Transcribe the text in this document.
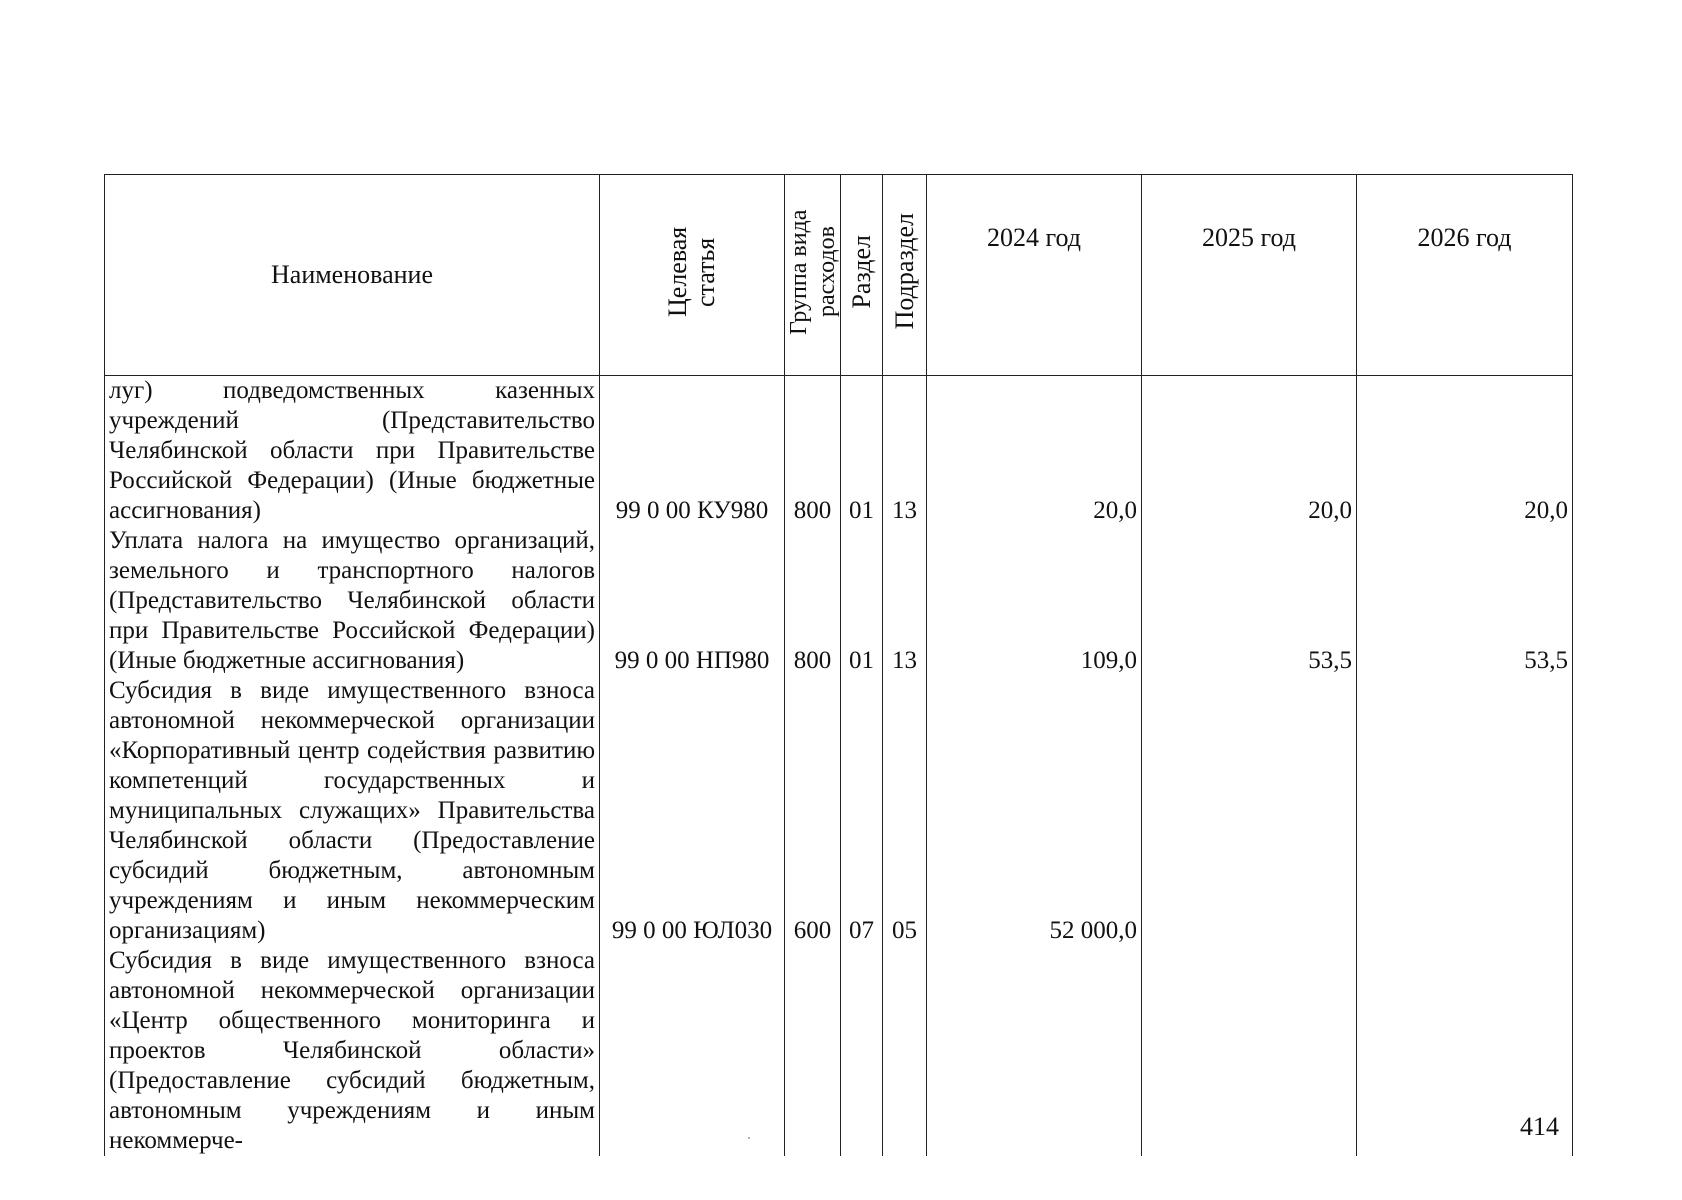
Наименование	Целевая статья	Группа вида расходов	Раздел	Подраздел	2024 год	2025 год	2026 год
луг) подведомственных казенных учреждений (Представительство Челябинской области при Правительстве Российской Федерации) (Иные бюджетные ассигнования)	99 0 00 КУ980	800	01	13	20,0	20,0	20,0
Уплата налога на имущество организаций, земельного и транспортного налогов (Представительство Челябинской области при Правительстве Российской Федерации) (Иные бюджетные ассигнования)	99 0 00 НП980	800	01	13	109,0	53,5	53,5
Субсидия в виде имущественного взноса автономной некоммерческой организации «Корпоративный центр содействия развитию компетенций государственных и муниципальных служащих» Правительства Челябинской области (Предоставление субсидий бюджетным, автономным учреждениям и иным некоммерческим организациям)	99 0 00 ЮЛ030	600	07	05	52 000,0		
Субсидия в виде имущественного взноса автономной некоммерческой организации «Центр общественного мониторинга и проектов Челябинской области» (Предоставление субсидий бюджетным, автономным учреждениям и иным некоммерче-								414
